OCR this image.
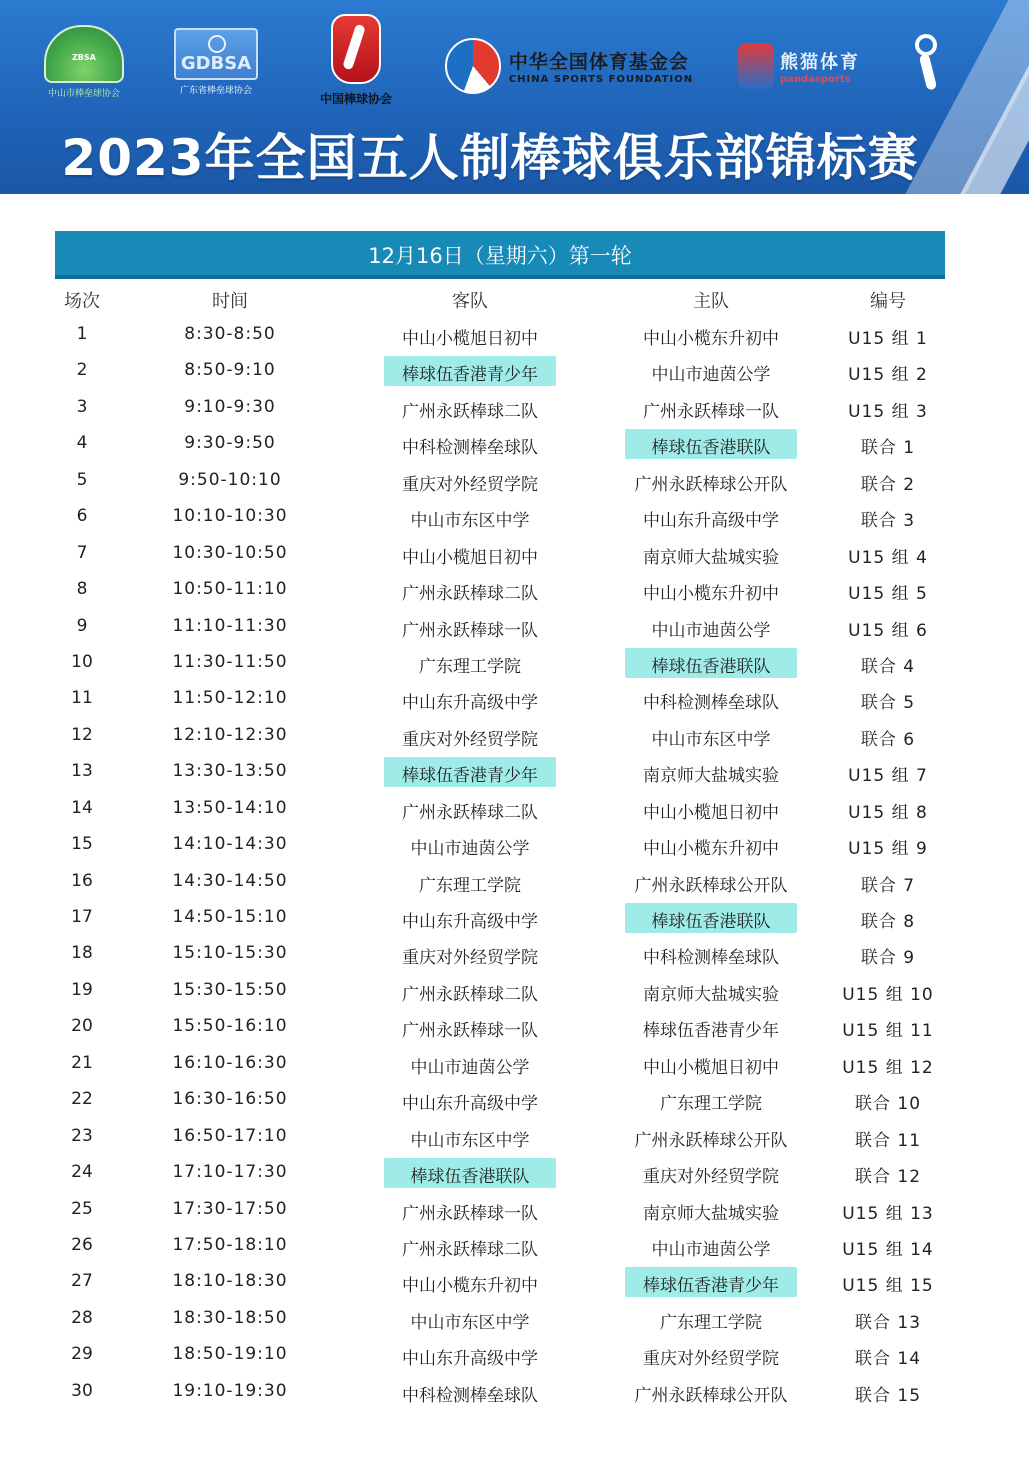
ZBSA
中山市棒垒球协会
GDBSA
广东省棒垒球协会
中国棒球协会
中华全国体育基金会
CHINA SPORTS FOUNDATION
熊猫体育
pandasports
2023年全国五人制棒球俱乐部锦标赛
12月16日（星期六）第一轮
场次	时间	客队	主队	编号
1	8:30-8:50	中山小榄旭日初中	中山小榄东升初中	U15 组 1
2	8:50-9:10	棒球伍香港青少年	中山市迪茵公学	U15 组 2
3	9:10-9:30	广州永跃棒球二队	广州永跃棒球一队	U15 组 3
4	9:30-9:50	中科检测棒垒球队	棒球伍香港联队	联合 1
5	9:50-10:10	重庆对外经贸学院	广州永跃棒球公开队	联合 2
6	10:10-10:30	中山市东区中学	中山东升高级中学	联合 3
7	10:30-10:50	中山小榄旭日初中	南京师大盐城实验	U15 组 4
8	10:50-11:10	广州永跃棒球二队	中山小榄东升初中	U15 组 5
9	11:10-11:30	广州永跃棒球一队	中山市迪茵公学	U15 组 6
10	11:30-11:50	广东理工学院	棒球伍香港联队	联合 4
11	11:50-12:10	中山东升高级中学	中科检测棒垒球队	联合 5
12	12:10-12:30	重庆对外经贸学院	中山市东区中学	联合 6
13	13:30-13:50	棒球伍香港青少年	南京师大盐城实验	U15 组 7
14	13:50-14:10	广州永跃棒球二队	中山小榄旭日初中	U15 组 8
15	14:10-14:30	中山市迪茵公学	中山小榄东升初中	U15 组 9
16	14:30-14:50	广东理工学院	广州永跃棒球公开队	联合 7
17	14:50-15:10	中山东升高级中学	棒球伍香港联队	联合 8
18	15:10-15:30	重庆对外经贸学院	中科检测棒垒球队	联合 9
19	15:30-15:50	广州永跃棒球二队	南京师大盐城实验	U15 组 10
20	15:50-16:10	广州永跃棒球一队	棒球伍香港青少年	U15 组 11
21	16:10-16:30	中山市迪茵公学	中山小榄旭日初中	U15 组 12
22	16:30-16:50	中山东升高级中学	广东理工学院	联合 10
23	16:50-17:10	中山市东区中学	广州永跃棒球公开队	联合 11
24	17:10-17:30	棒球伍香港联队	重庆对外经贸学院	联合 12
25	17:30-17:50	广州永跃棒球一队	南京师大盐城实验	U15 组 13
26	17:50-18:10	广州永跃棒球二队	中山市迪茵公学	U15 组 14
27	18:10-18:30	中山小榄东升初中	棒球伍香港青少年	U15 组 15
28	18:30-18:50	中山市东区中学	广东理工学院	联合 13
29	18:50-19:10	中山东升高级中学	重庆对外经贸学院	联合 14
30	19:10-19:30	中科检测棒垒球队	广州永跃棒球公开队	联合 15
